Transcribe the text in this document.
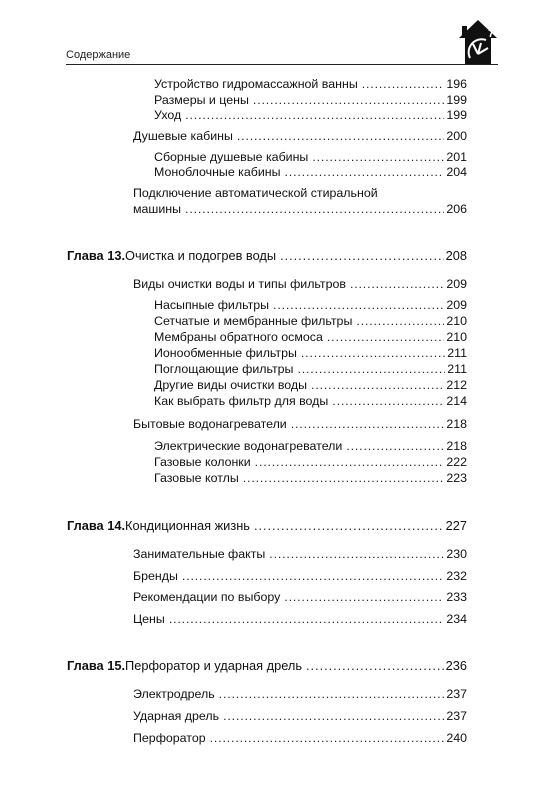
Содержание
7
Устройство гидромассажной ванны . . .	196
Размеры и цены . . .	199
Уход . . .	199
Душевые кабины . . .	200
Сборные душевые кабины . . .	201
Моноблочные кабины . . .	204
Подключение автоматической стиральной
машины . . .	206
Глава 13. Очистка и подогрев воды . . .	208
Виды очистки воды и типы фильтров . . .	209
Насыпные фильтры . . .	209
Сетчатые и мембранные фильтры . . .	210
Мембраны обратного осмоса . . .	210
Ионообменные фильтры . . .	211
Поглощающие фильтры . . .	211
Другие виды очистки воды . . .	212
Как выбрать фильтр для воды . . .	214
Бытовые водонагреватели . . .	218
Электрические водонагреватели . . .	218
Газовые колонки . . .	222
Газовые котлы . . .	223
Глава 14. Кондиционная жизнь . . .	227
Занимательные факты . . .	230
Бренды . . .	232
Рекомендации по выбору . . .	233
Цены . . .	234
Глава 15. Перфоратор и ударная дрель . . .	236
Электродрель . . .	237
Ударная дрель . . .	237
Перфоратор . . .	240
